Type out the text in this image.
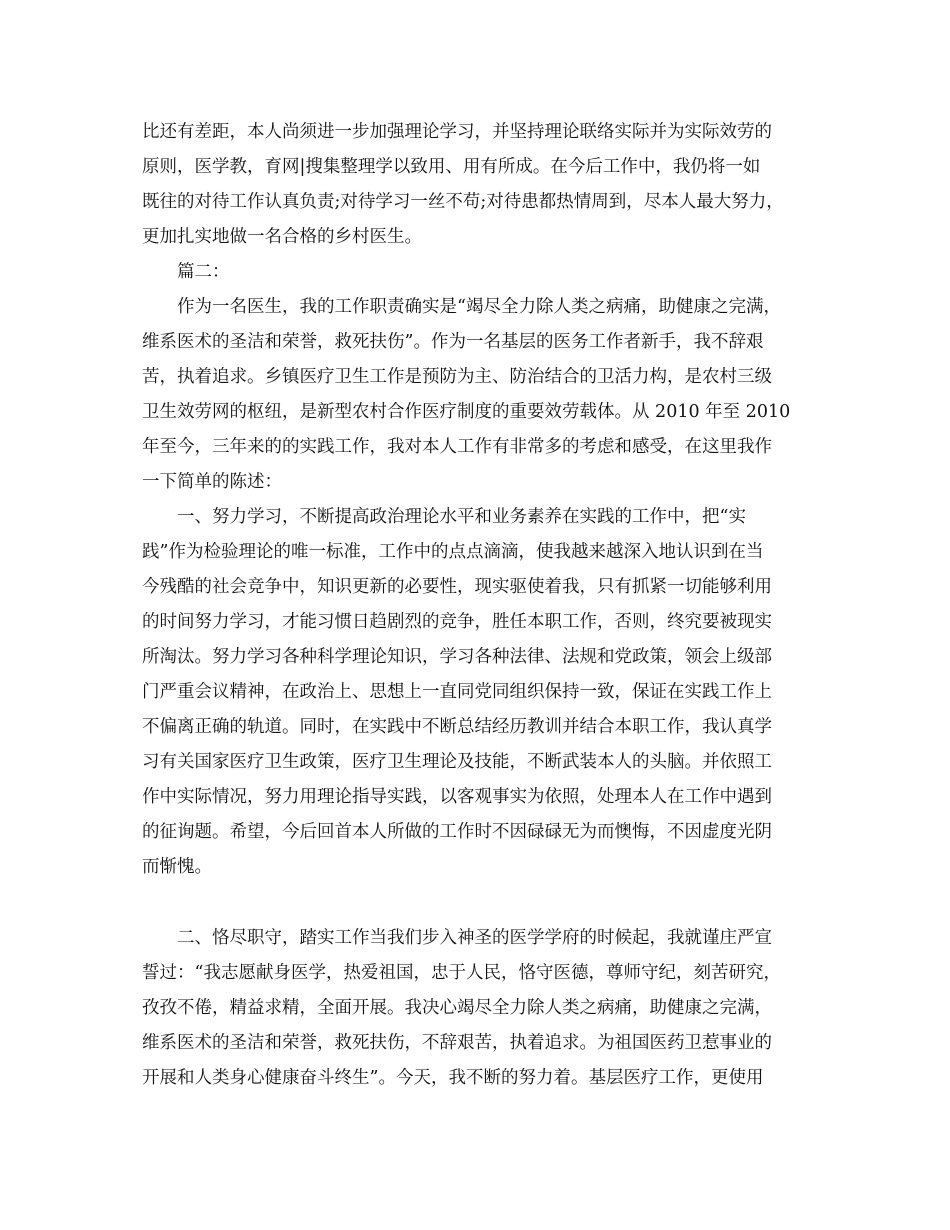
比还有差距，本人尚须进一步加强理论学习，并坚持理论联络实际并为实际效劳的
原则，医学教，育网|搜集整理学以致用、用有所成。在今后工作中，我仍将一如
既往的对待工作认真负责;对待学习一丝不苟;对待患都热情周到，尽本人最大努力，
更加扎实地做一名合格的乡村医生。
　　篇二：
　　作为一名医生，我的工作职责确实是“竭尽全力除人类之病痛，助健康之完满，
维系医术的圣洁和荣誉，救死扶伤”。作为一名基层的医务工作者新手，我不辞艰
苦，执着追求。乡镇医疗卫生工作是预防为主、防治结合的卫活力构，是农村三级
卫生效劳网的枢纽，是新型农村合作医疗制度的重要效劳载体。从 2010 年至 2010
年至今，三年来的的实践工作，我对本人工作有非常多的考虑和感受，在这里我作
一下简单的陈述：
　　一、努力学习，不断提高政治理论水平和业务素养在实践的工作中，把“实
践”作为检验理论的唯一标准，工作中的点点滴滴，使我越来越深入地认识到在当
今残酷的社会竞争中，知识更新的必要性，现实驱使着我，只有抓紧一切能够利用
的时间努力学习，才能习惯日趋剧烈的竞争，胜任本职工作，否则，终究要被现实
所淘汰。努力学习各种科学理论知识，学习各种法律、法规和党政策，领会上级部
门严重会议精神，在政治上、思想上一直同党同组织保持一致，保证在实践工作上
不偏离正确的轨道。同时，在实践中不断总结经历教训并结合本职工作，我认真学
习有关国家医疗卫生政策，医疗卫生理论及技能，不断武装本人的头脑。并依照工
作中实际情况，努力用理论指导实践，以客观事实为依照，处理本人在工作中遇到
的征询题。希望，今后回首本人所做的工作时不因碌碌无为而懊悔，不因虚度光阴
而惭愧。
　　二、恪尽职守，踏实工作当我们步入神圣的医学学府的时候起，我就谨庄严宣
誓过：“我志愿献身医学，热爱祖国，忠于人民，恪守医德，尊师守纪，刻苦研究，
孜孜不倦，精益求精，全面开展。我决心竭尽全力除人类之病痛，助健康之完满，
维系医术的圣洁和荣誉，救死扶伤，不辞艰苦，执着追求。为祖国医药卫惹事业的
开展和人类身心健康奋斗终生”。今天，我不断的努力着。基层医疗工作，更使用
